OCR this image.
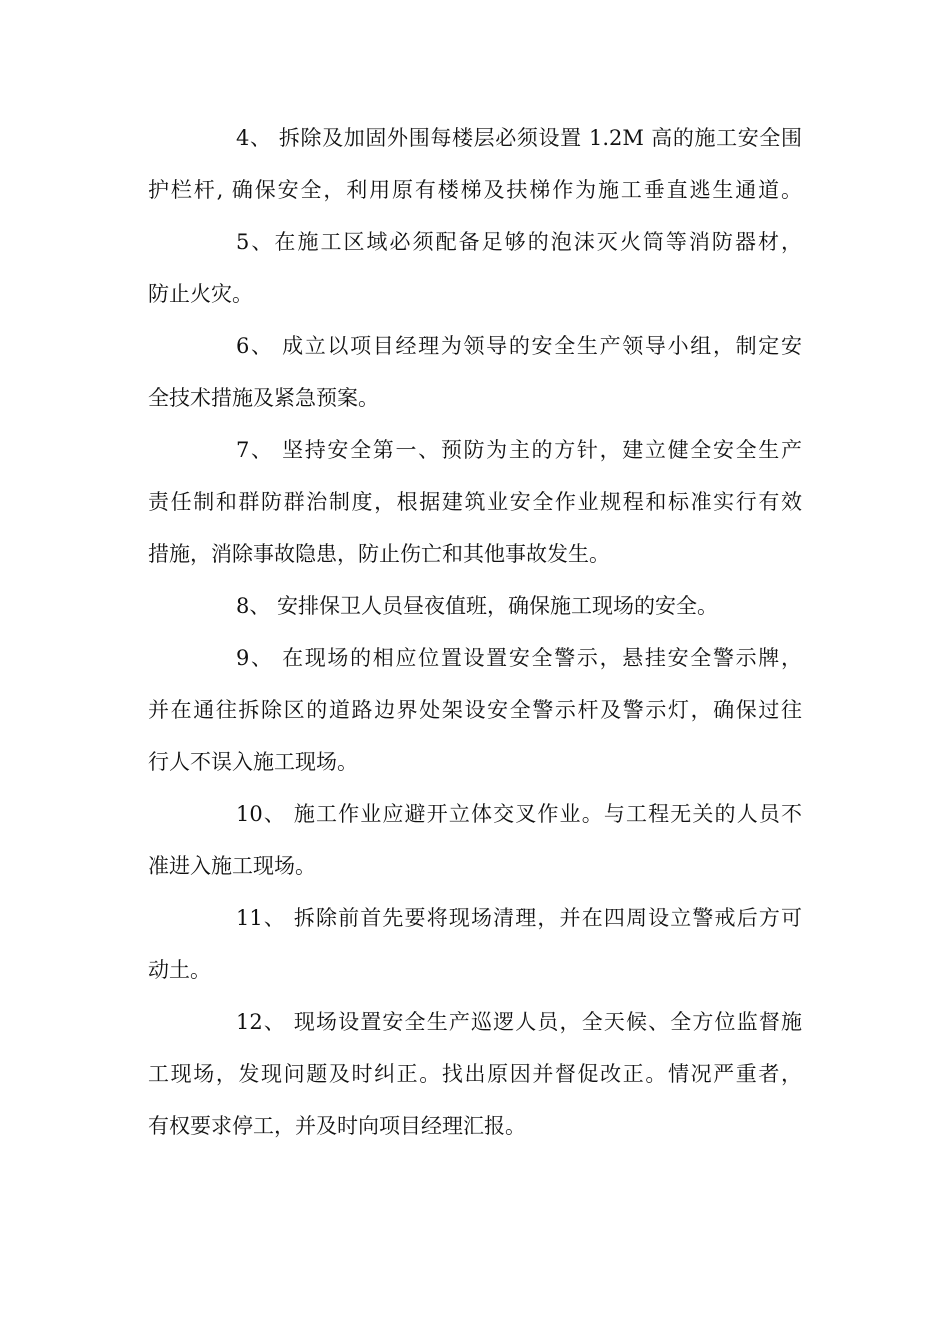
4、 拆除及加固外围每楼层必须设置 1.2M 高的施工安全围
护栏杆, 确保安全，利用原有楼梯及扶梯作为施工垂直逃生通道。
5、在施工区域必须配备足够的泡沫灭火筒等消防器材，
防止火灾。
6、 成立以项目经理为领导的安全生产领导小组，制定安
全技术措施及紧急预案。
7、 坚持安全第一、预防为主的方针，建立健全安全生产
责任制和群防群治制度，根据建筑业安全作业规程和标准实行有效
措施，消除事故隐患，防止伤亡和其他事故发生。
8、 安排保卫人员昼夜值班，确保施工现场的安全。
9、 在现场的相应位置设置安全警示，悬挂安全警示牌，
并在通往拆除区的道路边界处架设安全警示杆及警示灯，确保过往
行人不误入施工现场。
10、 施工作业应避开立体交叉作业。与工程无关的人员不
准进入施工现场。
11、 拆除前首先要将现场清理，并在四周设立警戒后方可
动土。
12、 现场设置安全生产巡逻人员，全天候、全方位监督施
工现场，发现问题及时纠正。找出原因并督促改正。情况严重者，
有权要求停工，并及时向项目经理汇报。
